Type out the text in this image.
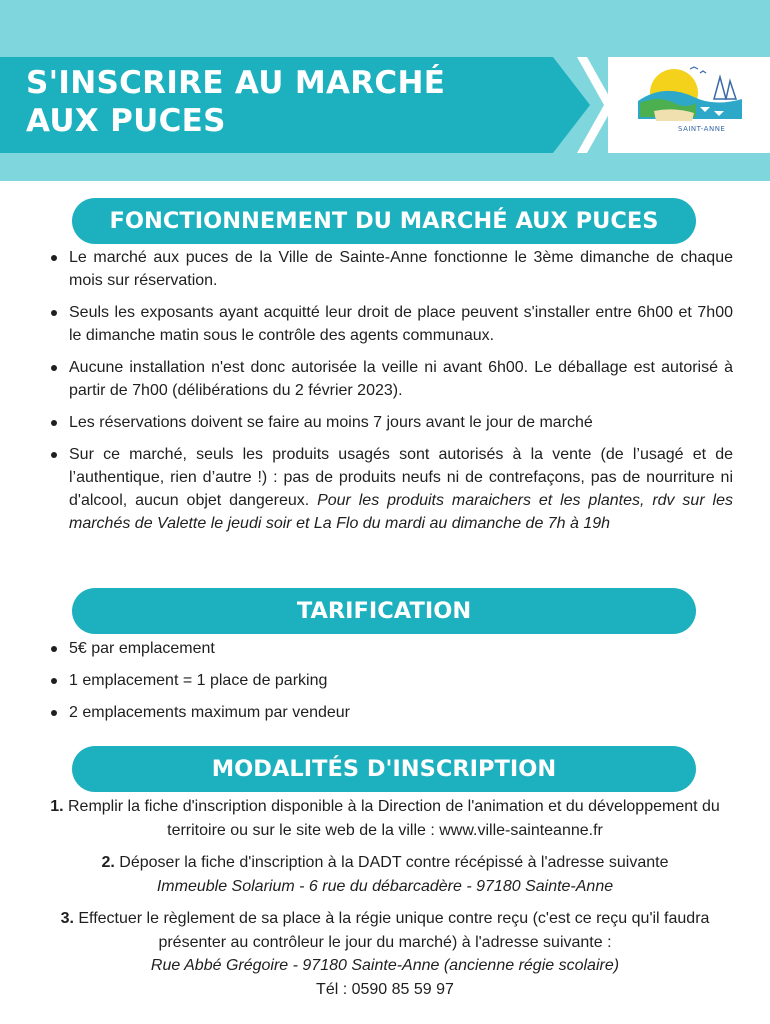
S'INSCRIRE AU MARCHÉ
AUX PUCES	SAINT-ANNE
FONCTIONNEMENT DU MARCHÉ AUX PUCES
Le marché aux puces de la Ville de Sainte-Anne fonctionne le 3ème dimanche de chaque mois sur réservation.
Seuls les exposants ayant acquitté leur droit de place peuvent s'installer entre 6h00 et 7h00 le dimanche matin sous le contrôle des agents communaux.
Aucune installation n'est donc autorisée la veille ni avant 6h00. Le déballage est autorisé à partir de 7h00 (délibérations du 2 février 2023).
Les réservations doivent se faire au moins 7 jours avant le jour de marché
Sur ce marché, seuls les produits usagés sont autorisés à la vente (de l’usagé et de l’authentique, rien d’autre !) : pas de produits neufs ni de contrefaçons, pas de nourriture ni d'alcool, aucun objet dangereux. Pour les produits maraichers et les plantes, rdv sur les marchés de Valette le jeudi soir et La Flo du mardi au dimanche de 7h à 19h
TARIFICATION
5€ par emplacement
1 emplacement = 1 place de parking
2 emplacements maximum par vendeur
MODALITÉS D'INSCRIPTION
1. Remplir la fiche d'inscription disponible à la Direction de l'animation et du développement du territoire ou sur le site web de la ville : www.ville-sainteanne.fr
2. Déposer la fiche d'inscription à la DADT contre récépissé à l'adresse suivante
Immeuble Solarium - 6 rue du débarcadère - 97180 Sainte-Anne
3. Effectuer le règlement de sa place à la régie unique contre reçu (c'est ce reçu qu'il faudra présenter au contrôleur le jour du marché) à l'adresse suivante :
Rue Abbé Grégoire - 97180 Sainte-Anne (ancienne régie scolaire)
Tél : 0590 85 59 97
